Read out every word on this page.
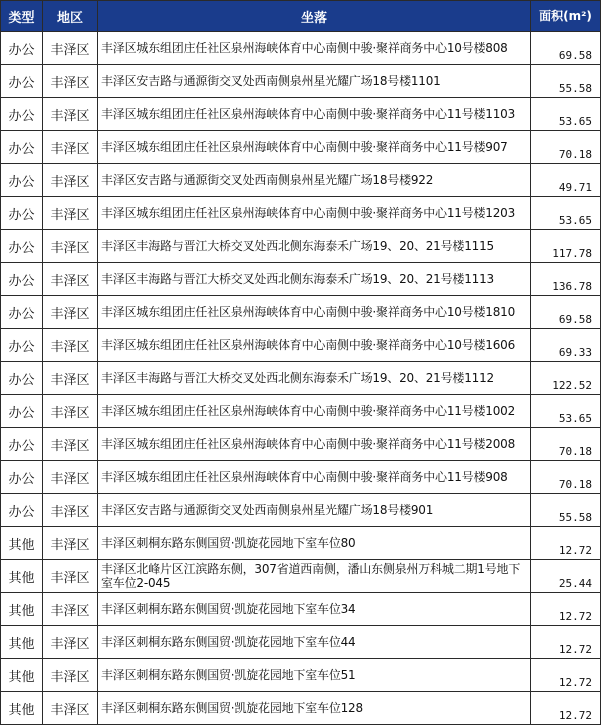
类型	地区	坐落	面积(m²)
办公	丰泽区	丰泽区城东组团庄任社区泉州海峡体育中心南侧中骏·聚祥商务中心10号楼808	69.58
办公	丰泽区	丰泽区安吉路与通源街交叉处西南侧泉州星光耀广场18号楼1101	55.58
办公	丰泽区	丰泽区城东组团庄任社区泉州海峡体育中心南侧中骏·聚祥商务中心11号楼1103	53.65
办公	丰泽区	丰泽区城东组团庄任社区泉州海峡体育中心南侧中骏·聚祥商务中心11号楼907	70.18
办公	丰泽区	丰泽区安吉路与通源街交叉处西南侧泉州星光耀广场18号楼922	49.71
办公	丰泽区	丰泽区城东组团庄任社区泉州海峡体育中心南侧中骏·聚祥商务中心11号楼1203	53.65
办公	丰泽区	丰泽区丰海路与晋江大桥交叉处西北侧东海泰禾广场19、20、21号楼1115	117.78
办公	丰泽区	丰泽区丰海路与晋江大桥交叉处西北侧东海泰禾广场19、20、21号楼1113	136.78
办公	丰泽区	丰泽区城东组团庄任社区泉州海峡体育中心南侧中骏·聚祥商务中心10号楼1810	69.58
办公	丰泽区	丰泽区城东组团庄任社区泉州海峡体育中心南侧中骏·聚祥商务中心10号楼1606	69.33
办公	丰泽区	丰泽区丰海路与晋江大桥交叉处西北侧东海泰禾广场19、20、21号楼1112	122.52
办公	丰泽区	丰泽区城东组团庄任社区泉州海峡体育中心南侧中骏·聚祥商务中心11号楼1002	53.65
办公	丰泽区	丰泽区城东组团庄任社区泉州海峡体育中心南侧中骏·聚祥商务中心11号楼2008	70.18
办公	丰泽区	丰泽区城东组团庄任社区泉州海峡体育中心南侧中骏·聚祥商务中心11号楼908	70.18
办公	丰泽区	丰泽区安吉路与通源街交叉处西南侧泉州星光耀广场18号楼901	55.58
其他	丰泽区	丰泽区刺桐东路东侧国贸·凯旋花园地下室车位80	12.72
其他	丰泽区	丰泽区北峰片区江滨路东侧，307省道西南侧，潘山东侧泉州万科城二期1号地下室车位2-045	25.44
其他	丰泽区	丰泽区刺桐东路东侧国贸·凯旋花园地下室车位34	12.72
其他	丰泽区	丰泽区刺桐东路东侧国贸·凯旋花园地下室车位44	12.72
其他	丰泽区	丰泽区刺桐东路东侧国贸·凯旋花园地下室车位51	12.72
其他	丰泽区	丰泽区刺桐东路东侧国贸·凯旋花园地下室车位128	12.72
